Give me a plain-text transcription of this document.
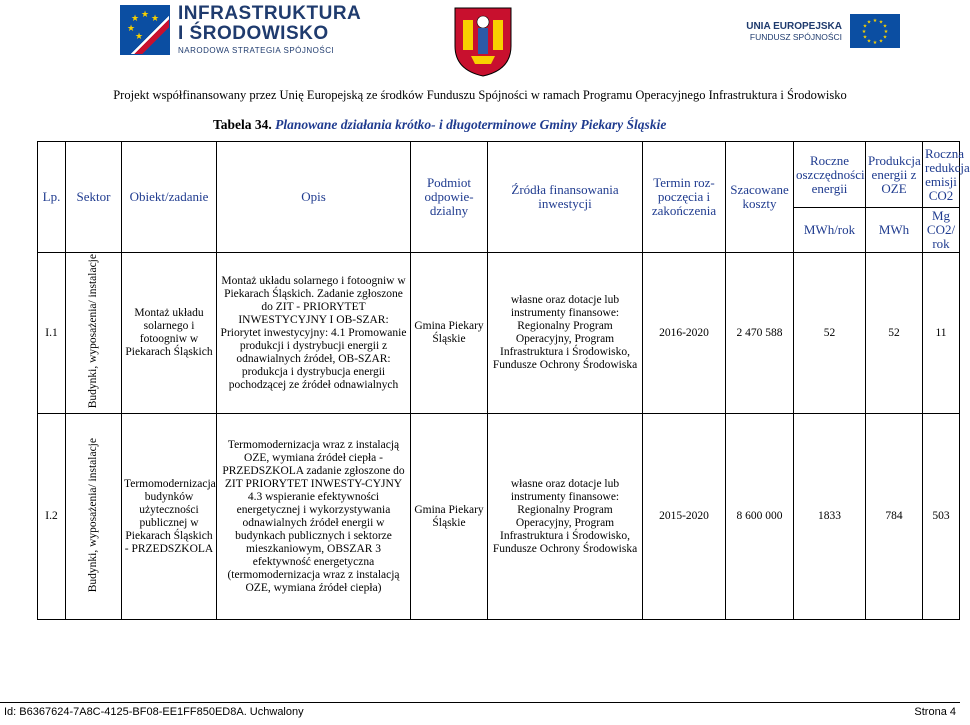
★ ★ ★
★
★
INFRASTRUKTURA
I ŚRODOWISKO
NARODOWA STRATEGIA SPÓJNOŚCI
UNIA EUROPEJSKA
FUNDUSZ SPÓJNOŚCI
★ ★
★
★
★
★
★
★
★
★
★
★
Projekt współfinansowany przez Unię Europejską ze środków Funduszu Spójności w ramach Programu Operacyjnego Infrastruktura i Środowisko
Tabela 34. Planowane działania krótko- i długoterminowe Gminy Piekary Śląskie
Lp.	Sektor	Obiekt/zadanie	Opis	Podmiot odpowie-dzialny	Źródła finansowania inwestycji	Termin roz-poczęcia i zakończenia	Szacowane koszty	Roczne oszczędności energii	Produkcja energii z OZE	Roczna redukcja emisji CO2
								MWh/rok	MWh	Mg CO2/ rok
I.1	Budynki, wyposażenia/ instalacje	Montaż układu solarnego i fotoogniw w Piekarach Śląskich	Montaż układu solarnego i fotoogniw w Piekarach Śląskich. Zadanie zgłoszone do ZIT - PRIORYTET INWESTYCYJNY I OB-SZAR: Priorytet inwestycyjny: 4.1 Promowanie produkcji i dystrybucji energii z odnawialnych źródeł, OB-SZAR: produkcja i dystrybucja energii pochodzącej ze źródeł odnawialnych	Gmina Piekary Śląskie	własne oraz dotacje lub instrumenty finansowe: Regionalny Program Operacyjny, Program Infrastruktura i Środowisko, Fundusze Ochrony Środowiska	2016-2020	2 470 588	52	52	11
I.2	Budynki, wyposażenia/ instalacje	Termomodernizacja budynków użyteczności publicznej w Piekarach Śląskich - PRZEDSZKOLA	Termomodernizacja wraz z instalacją OZE, wymiana źródeł ciepła - PRZEDSZKOLA zadanie zgłoszone do ZIT PRIORYTET INWESTY-CYJNY 4.3 wspieranie efektywności energetycznej i wykorzystywania odnawialnych źródeł energii w budynkach publicznych i sektorze mieszkaniowym, OBSZAR 3 efektywność energetyczna (termomodernizacja wraz z instalacją OZE, wymiana źródeł ciepła)	Gmina Piekary Śląskie	własne oraz dotacje lub instrumenty finansowe: Regionalny Program Operacyjny, Program Infrastruktura i Środowisko, Fundusze Ochrony Środowiska	2015-2020	8 600 000	1833	784	503
Id: B6367624-7A8C-4125-BF08-EE1FF850ED8A. Uchwalony	Strona 4
